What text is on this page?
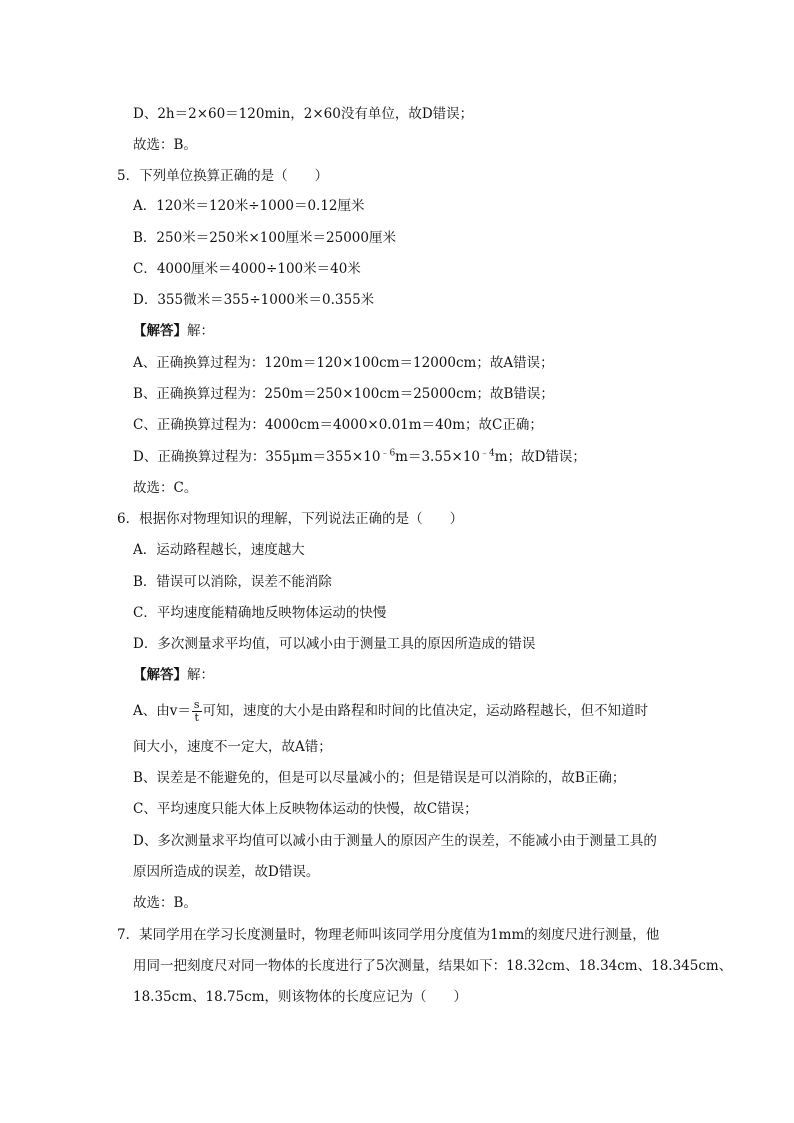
D、2h＝2×60＝120min，2×60没有单位，故D错误；
故选：B。
5．下列单位换算正确的是（　　）
A．120米＝120米÷1000＝0.12厘米
B．250米＝250米×100厘米＝25000厘米
C．4000厘米＝4000÷100米＝40米
D．355微米＝355÷1000米＝0.355米
【解答】解：
A、正确换算过程为：120m＝120×100cm＝12000cm；故A错误；
B、正确换算过程为：250m＝250×100cm＝25000cm；故B错误；
C、正确换算过程为：4000cm＝4000×0.01m＝40m；故C正确；
D、正确换算过程为：$355\mu m=355\times 10^{﹣6}m=3.55\times 10^{﹣4}m$；故D错误；
故选：C。
6．根据你对物理知识的理解，下列说法正确的是（　　）
A．运动路程越长，速度越大
B．错误可以消除，误差不能消除
C．平均速度能精确地反映物体运动的快慢
D．多次测量求平均值，可以减小由于测量工具的原因所造成的错误
【解答】解：
A、由$v= \frac{s}{t}$ 可知，速度的大小是由路程和时间的比值决定，运动路程越长，但不知道时
间大小，速度不一定大，故A错；
B、误差是不能避免的，但是可以尽量减小的；但是错误是可以消除的，故B正确；
C、平均速度只能大体上反映物体运动的快慢，故C错误；
D、多次测量求平均值可以减小由于测量人的原因产生的误差，不能减小由于测量工具的
原因所造成的误差，故D错误。
故选：B。
7．某同学用在学习长度测量时，物理老师叫该同学用分度值为1mm的刻度尺进行测量，他
用同一把刻度尺对同一物体的长度进行了5次测量，结果如下：18.32cm、18.34cm、18.345cm、
18.35cm、18.75cm，则该物体的长度应记为（　　）
